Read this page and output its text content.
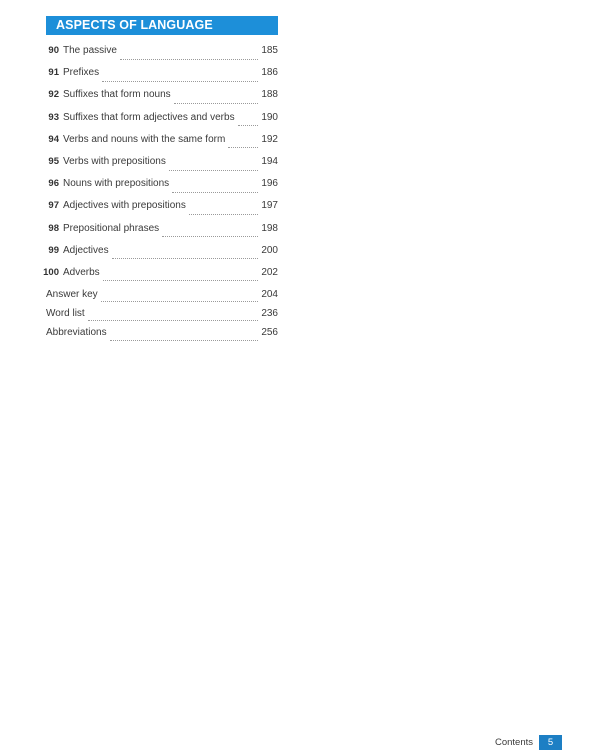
ASPECTS OF LANGUAGE
90 The passive	185
91 Prefixes	186
92 Suffixes that form nouns	188
93 Suffixes that form adjectives and verbs	190
94 Verbs and nouns with the same form	192
95 Verbs with prepositions	194
96 Nouns with prepositions	196
97 Adjectives with prepositions	197
98 Prepositional phrases	198
99 Adjectives	200
100 Adverbs	202
Answer key	204
Word list	236
Abbreviations	256
Contents	5
